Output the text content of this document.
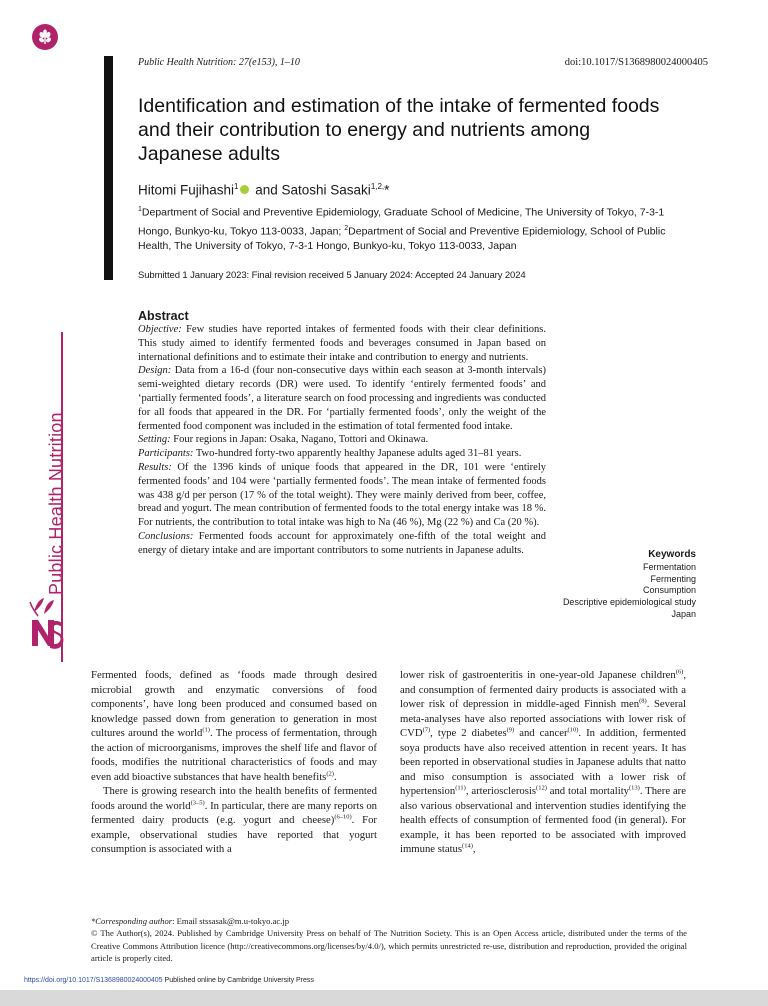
Public Health Nutrition: 27(e153), 1–10	doi:10.1017/S1368980024000405
Identification and estimation of the intake of fermented foods and their contribution to energy and nutrients among Japanese adults
Hitomi Fujihashi$^1$ and Satoshi Sasaki$^{1,2,}$*
$^1$Department of Social and Preventive Epidemiology, Graduate School of Medicine, The University of Tokyo, 7-3-1 Hongo, Bunkyo-ku, Tokyo 113-0033, Japan; $^2$Department of Social and Preventive Epidemiology, School of Public Health, The University of Tokyo, 7-3-1 Hongo, Bunkyo-ku, Tokyo 113-0033, Japan
Submitted 1 January 2023: Final revision received 5 January 2024: Accepted 24 January 2024
Public Health Nutrition
Abstract

Objective: Few studies have reported intakes of fermented foods with their clear definitions. This study aimed to identify fermented foods and beverages consumed in Japan based on international definitions and to estimate their intake and contribution to energy and nutrients.

Design: Data from a 16-d (four non-consecutive days within each season at 3-month intervals) semi-weighted dietary records (DR) were used. To identify ‘entirely fermented foods’ and ‘partially fermented foods’, a literature search on food processing and ingredients was conducted for all foods that appeared in the DR. For ‘partially fermented foods’, only the weight of the fermented food component was included in the estimation of total fermented food intake.

Setting: Four regions in Japan: Osaka, Nagano, Tottori and Okinawa.

Participants: Two-hundred forty-two apparently healthy Japanese adults aged 31–81 years.

Results: Of the 1396 kinds of unique foods that appeared in the DR, 101 were ‘entirely fermented foods’ and 104 were ‘partially fermented foods’. The mean intake of fermented foods was 438 g/d per person (17 % of the total weight). They were mainly derived from beer, coffee, bread and yogurt. The mean contribution of fermented foods to the total energy intake was 18 %. For nutrients, the contribution to total intake was high to Na (46 %), Mg (22 %) and Ca (20 %).

Conclusions: Fermented foods account for approximately one-fifth of the total weight and energy of dietary intake and are important contributors to some nutrients in Japanese adults.	Keywords
Fermentation
Fermenting
Consumption
Descriptive epidemiological study
Japan

Fermented foods, defined as ‘foods made through desired microbial growth and enzymatic conversions of food components’, have long been produced and consumed based on knowledge passed down from generation to generation in most cultures around the world$^{(1)}$. The process of fermentation, through the action of microorganisms, improves the shelf life and flavor of foods, modifies the nutritional characteristics of foods and may even add bioactive substances that have health benefits$^{(2)}$.

There is growing research into the health benefits of fermented foods around the world$^{(3-5)}$. In particular, there are many reports on fermented dairy products (e.g. yogurt and cheese)$^{(6-10)}$. For example, observational studies have reported that yogurt consumption is associated with a

lower risk of gastroenteritis in one-year-old Japanese children$^{(6)}$, and consumption of fermented dairy products is associated with a lower risk of depression in middle-aged Finnish men$^{(8)}$. Several meta-analyses have also reported associations with lower risk of CVD$^{(7)}$, type 2 diabetes$^{(9)}$ and cancer$^{(10)}$. In addition, fermented soya products have also received attention in recent years. It has been reported in observational studies in Japanese adults that natto and miso consumption is associated with a lower risk of hypertension$^{(11)}$, arteriosclerosis$^{(12)}$ and total mortality$^{(13)}$. There are also various observational and intervention studies identifying the health effects of consumption of fermented food (in general). For example, it has been reported to be associated with improved immune status$^{(14)}$,

*Corresponding author: Email stssasak@m.u-tokyo.ac.jp

© The Author(s), 2024. Published by Cambridge University Press on behalf of The Nutrition Society. This is an Open Access article, distributed under the terms of the Creative Commons Attribution licence (http://creativecommons.org/licenses/by/4.0/), which permits unrestricted re-use, distribution and reproduction, provided the original article is properly cited.

https://doi.org/10.1017/S1368980024000405 Published online by Cambridge University Press
